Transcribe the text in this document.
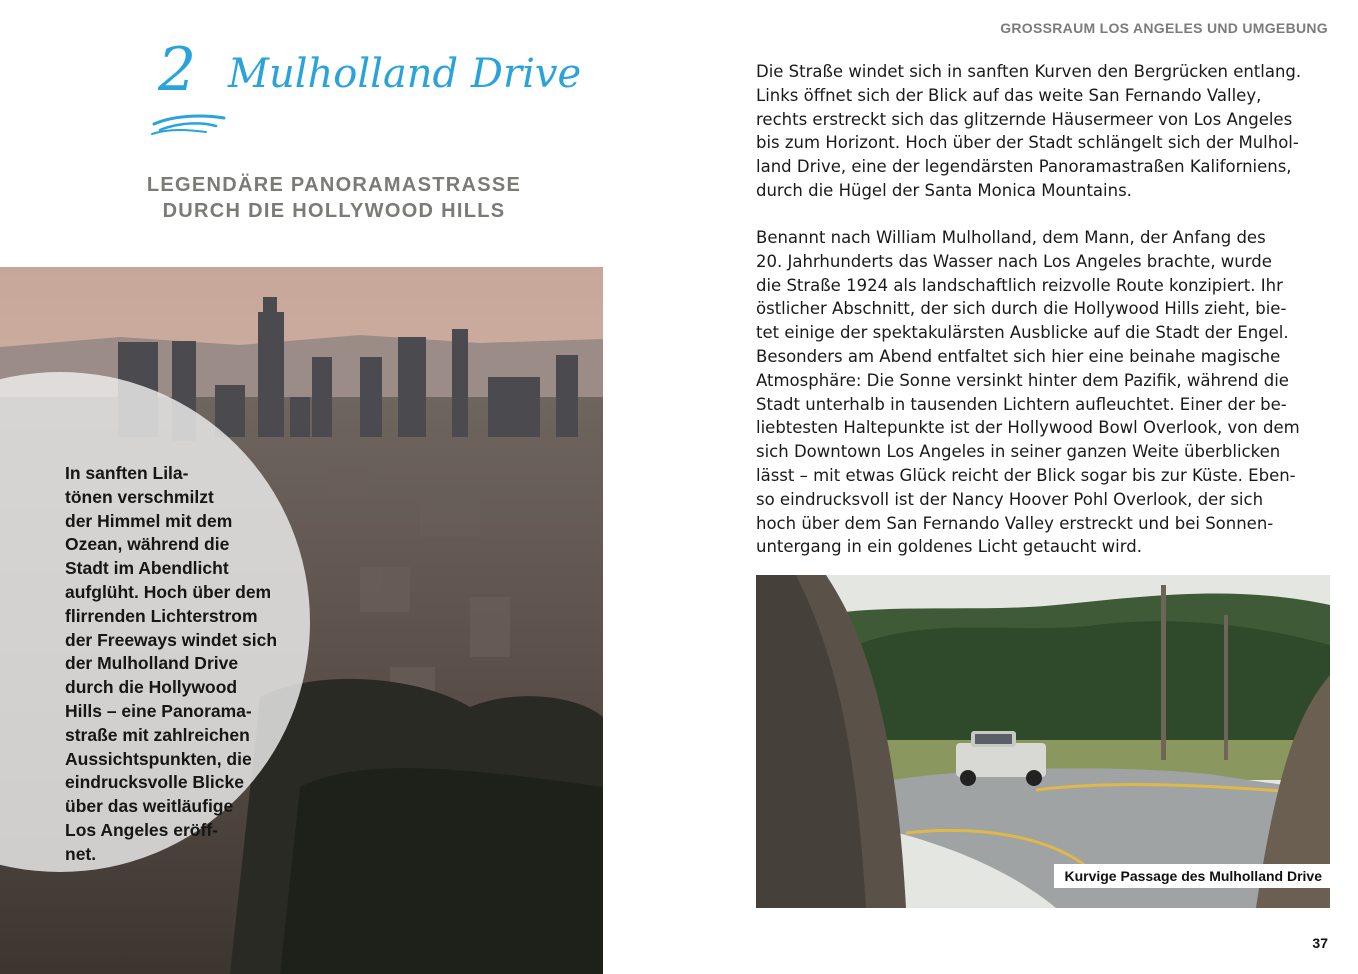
GROSSRAUM LOS ANGELES UND UMGEBUNG
2 Mulholland Drive
LEGENDÄRE PANORAMASTRASSE
DURCH DIE HOLLYWOOD HILLS
In sanften Lila-
tönen verschmilzt
der Himmel mit dem
Ozean, während die
Stadt im Abendlicht
aufglüht. Hoch über dem
flirrenden Lichterstrom
der Freeways windet sich
der Mulholland Drive
durch die Hollywood
Hills – eine Panorama-
straße mit zahlreichen
Aussichtspunkten, die
eindrucksvolle Blicke
über das weitläufige
Los Angeles eröff-
net.
Die Straße windet sich in sanften Kurven den Bergrücken entlang.
Links öffnet sich der Blick auf das weite San Fernando Valley,
rechts erstreckt sich das glitzernde Häusermeer von Los Angeles
bis zum Horizont. Hoch über der Stadt schlängelt sich der Mulhol-
land Drive, eine der legendärsten Panoramastraßen Kaliforniens,
durch die Hügel der Santa Monica Mountains.
Benannt nach William Mulholland, dem Mann, der Anfang des
20. Jahrhunderts das Wasser nach Los Angeles brachte, wurde
die Straße 1924 als landschaftlich reizvolle Route konzipiert. Ihr
östlicher Abschnitt, der sich durch die Hollywood Hills zieht, bie-
tet einige der spektakulärsten Ausblicke auf die Stadt der Engel.
Besonders am Abend entfaltet sich hier eine beinahe magische
Atmosphäre: Die Sonne versinkt hinter dem Pazifik, während die
Stadt unterhalb in tausenden Lichtern aufleuchtet. Einer der be-
liebtesten Haltepunkte ist der Hollywood Bowl Overlook, von dem
sich Downtown Los Angeles in seiner ganzen Weite überblicken
lässt – mit etwas Glück reicht der Blick sogar bis zur Küste. Eben-
so eindrucksvoll ist der Nancy Hoover Pohl Overlook, der sich
hoch über dem San Fernando Valley erstreckt und bei Sonnen-
untergang in ein goldenes Licht getaucht wird.
Kurvige Passage des Mulholland Drive
37
